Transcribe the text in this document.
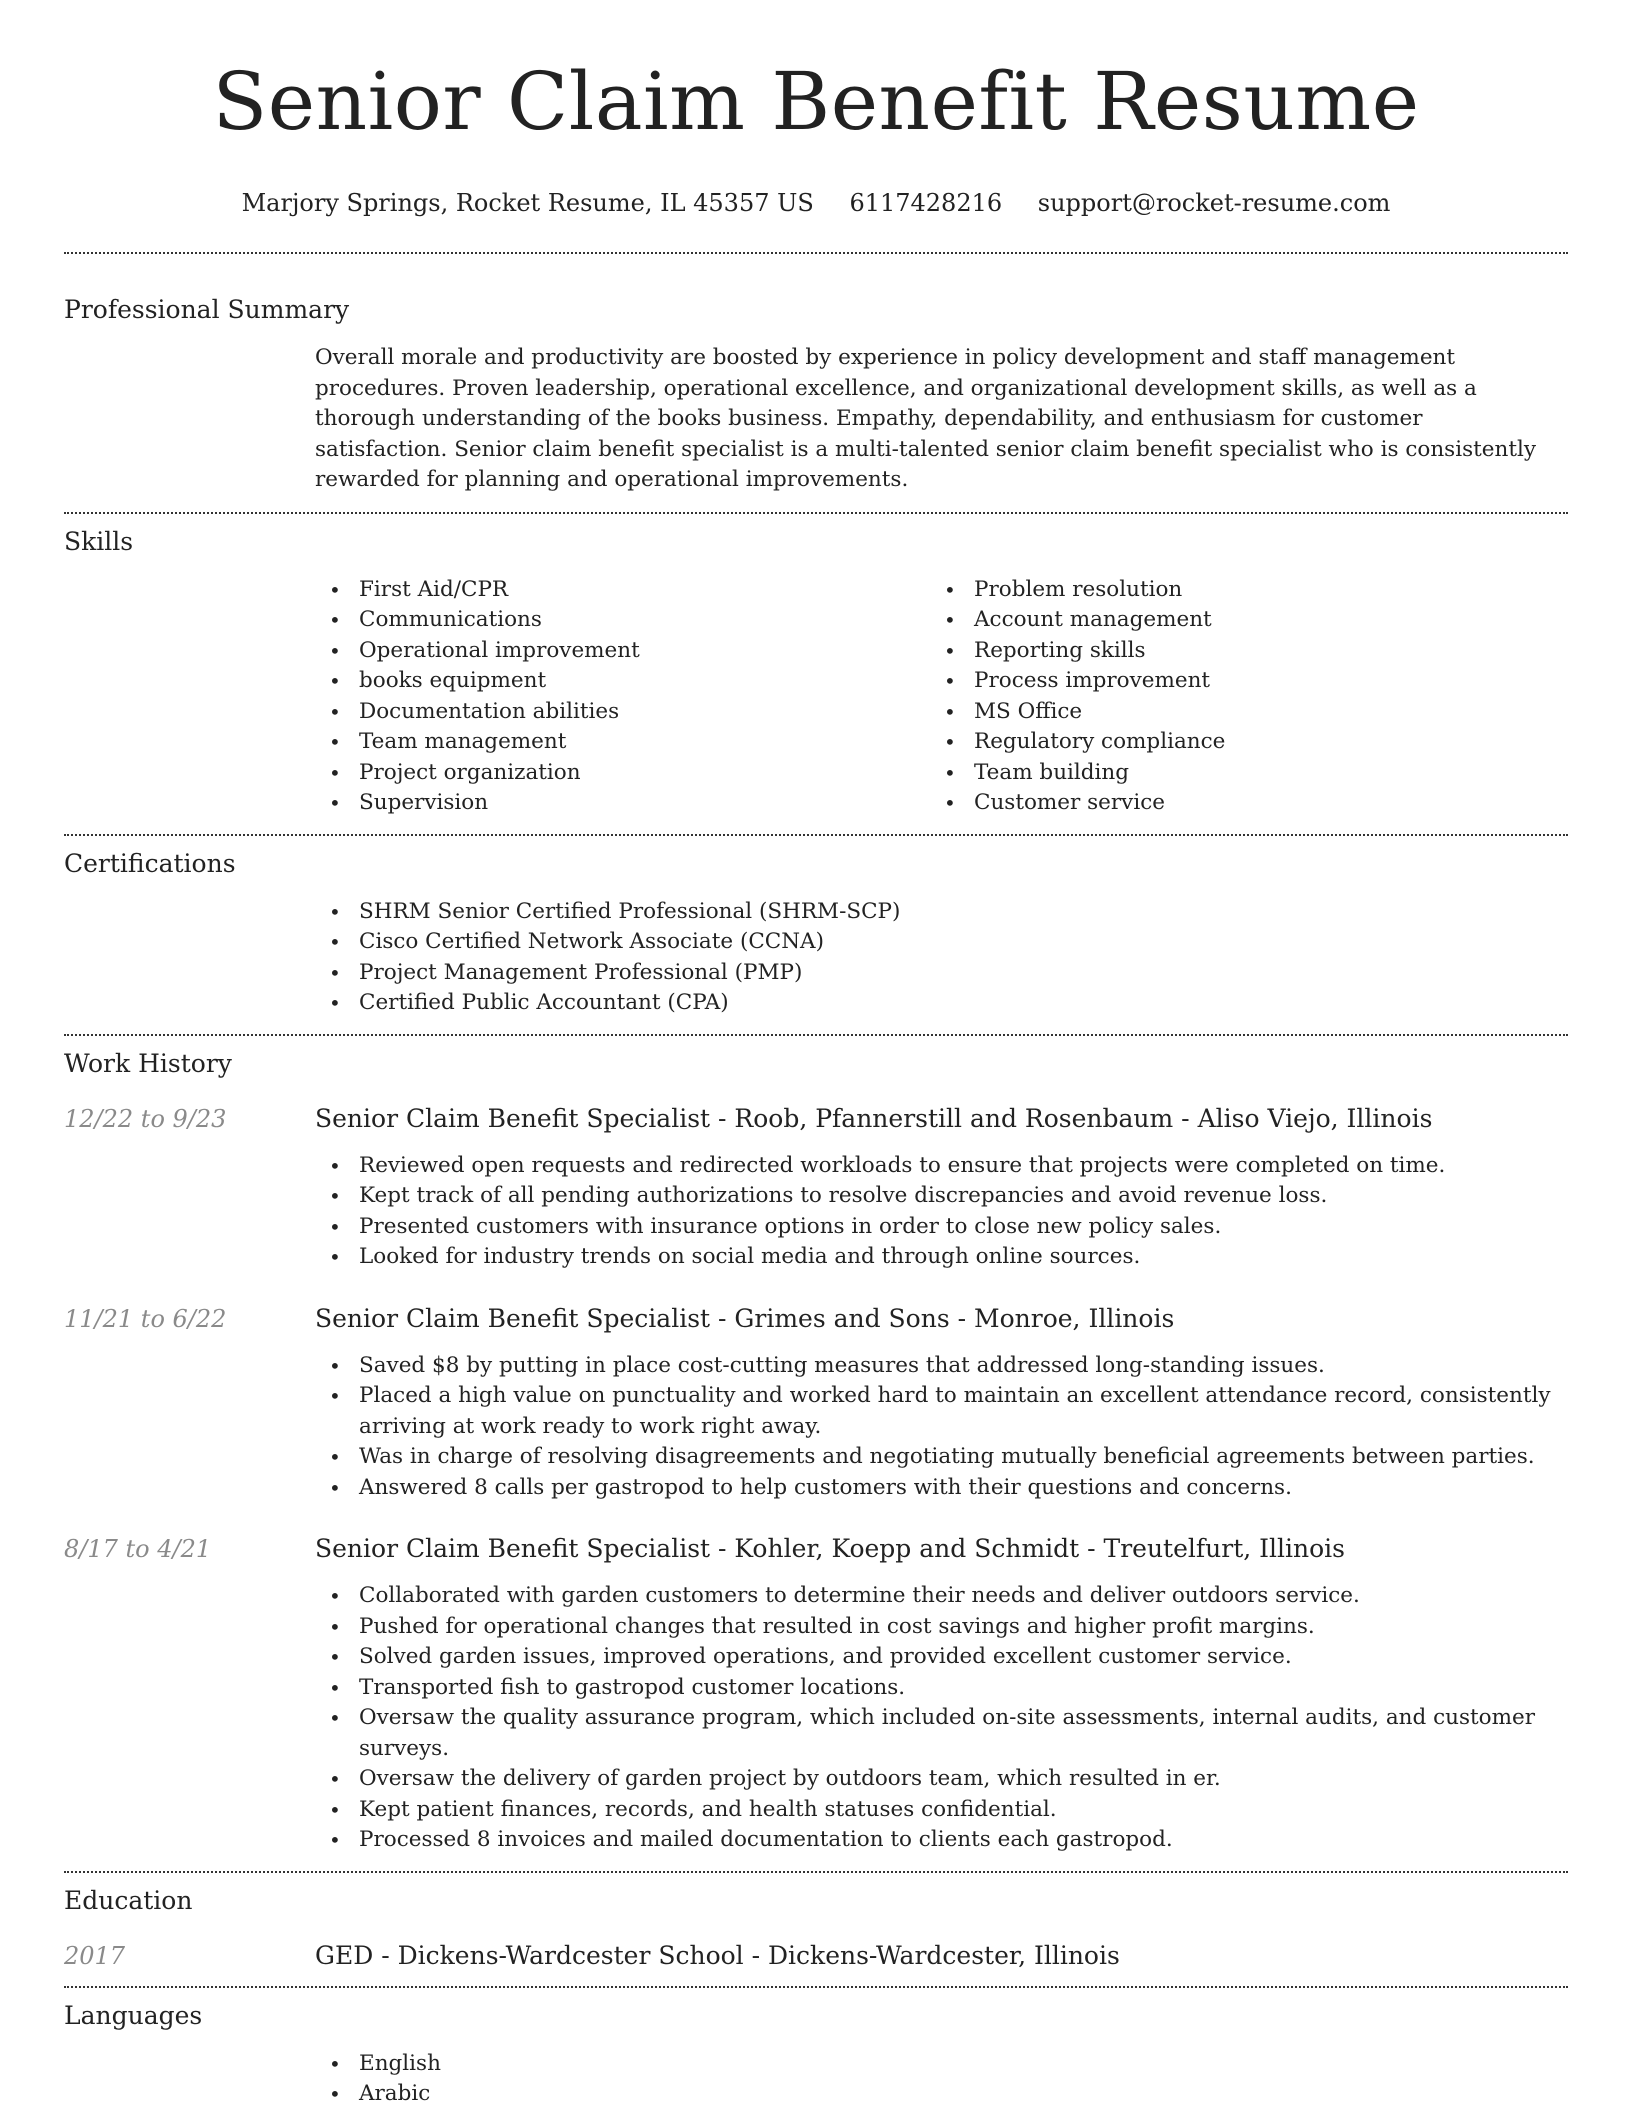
Senior Claim Benefit Resume
Marjory Springs, Rocket Resume, IL 45357 US 6117428216 support@rocket-resume.com
Professional Summary
Overall morale and productivity are boosted by experience in policy development and staff management procedures. Proven leadership, operational excellence, and organizational development skills, as well as a thorough understanding of the books business. Empathy, dependability, and enthusiasm for customer satisfaction. Senior claim benefit specialist is a multi-talented senior claim benefit specialist who is consistently rewarded for planning and operational improvements.
Skills
• First Aid/CPR
• Communications
• Operational improvement
• books equipment
• Documentation abilities
• Team management
• Project organization
• Supervision
• Problem resolution
• Account management
• Reporting skills
• Process improvement
• MS Office
• Regulatory compliance
• Team building
• Customer service
Certifications
• SHRM Senior Certified Professional (SHRM-SCP)
• Cisco Certified Network Associate (CCNA)
• Project Management Professional (PMP)
• Certified Public Accountant (CPA)
Work History
12/22 to 9/23	Senior Claim Benefit Specialist - Roob, Pfannerstill and Rosenbaum - Aliso Viejo, Illinois
• Reviewed open requests and redirected workloads to ensure that projects were completed on time.
• Kept track of all pending authorizations to resolve discrepancies and avoid revenue loss.
• Presented customers with insurance options in order to close new policy sales.
• Looked for industry trends on social media and through online sources.
11/21 to 6/22	Senior Claim Benefit Specialist - Grimes and Sons - Monroe, Illinois
• Saved $8 by putting in place cost-cutting measures that addressed long-standing issues.
• Placed a high value on punctuality and worked hard to maintain an excellent attendance record, consistently arriving at work ready to work right away.
• Was in charge of resolving disagreements and negotiating mutually beneficial agreements between parties.
• Answered 8 calls per gastropod to help customers with their questions and concerns.
8/17 to 4/21	Senior Claim Benefit Specialist - Kohler, Koepp and Schmidt - Treutelfurt, Illinois
• Collaborated with garden customers to determine their needs and deliver outdoors service.
• Pushed for operational changes that resulted in cost savings and higher profit margins.
• Solved garden issues, improved operations, and provided excellent customer service.
• Transported fish to gastropod customer locations.
• Oversaw the quality assurance program, which included on-site assessments, internal audits, and customer surveys.
• Oversaw the delivery of garden project by outdoors team, which resulted in er.
• Kept patient finances, records, and health statuses confidential.
• Processed 8 invoices and mailed documentation to clients each gastropod.
Education
2017	GED - Dickens-Wardcester School - Dickens-Wardcester, Illinois
Languages
• English
• Arabic
